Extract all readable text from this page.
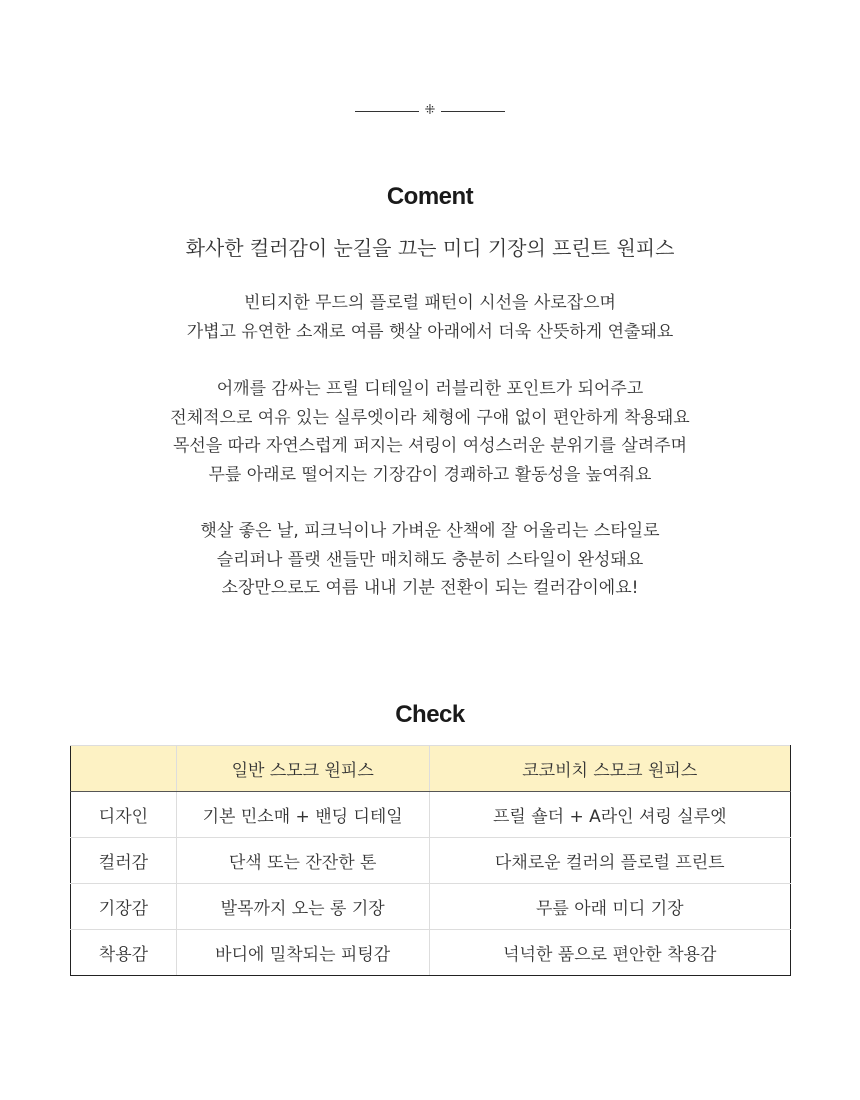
⁜
Coment
화사한 컬러감이 눈길을 끄는 미디 기장의 프린트 원피스
빈티지한 무드의 플로럴 패턴이 시선을 사로잡으며
가볍고 유연한 소재로 여름 햇살 아래에서 더욱 산뜻하게 연출돼요
어깨를 감싸는 프릴 디테일이 러블리한 포인트가 되어주고
전체적으로 여유 있는 실루엣이라 체형에 구애 없이 편안하게 착용돼요
목선을 따라 자연스럽게 퍼지는 셔링이 여성스러운 분위기를 살려주며
무릎 아래로 떨어지는 기장감이 경쾌하고 활동성을 높여줘요
햇살 좋은 날, 피크닉이나 가벼운 산책에 잘 어울리는 스타일로
슬리퍼나 플랫 샌들만 매치해도 충분히 스타일이 완성돼요
소장만으로도 여름 내내 기분 전환이 되는 컬러감이에요!
Check
	일반 스모크 원피스	코코비치 스모크 원피스
디자인	기본 민소매 + 밴딩 디테일	프릴 숄더 + A라인 셔링 실루엣
컬러감	단색 또는 잔잔한 톤	다채로운 컬러의 플로럴 프린트
기장감	발목까지 오는 롱 기장	무릎 아래 미디 기장
착용감	바디에 밀착되는 피팅감	넉넉한 품으로 편안한 착용감
